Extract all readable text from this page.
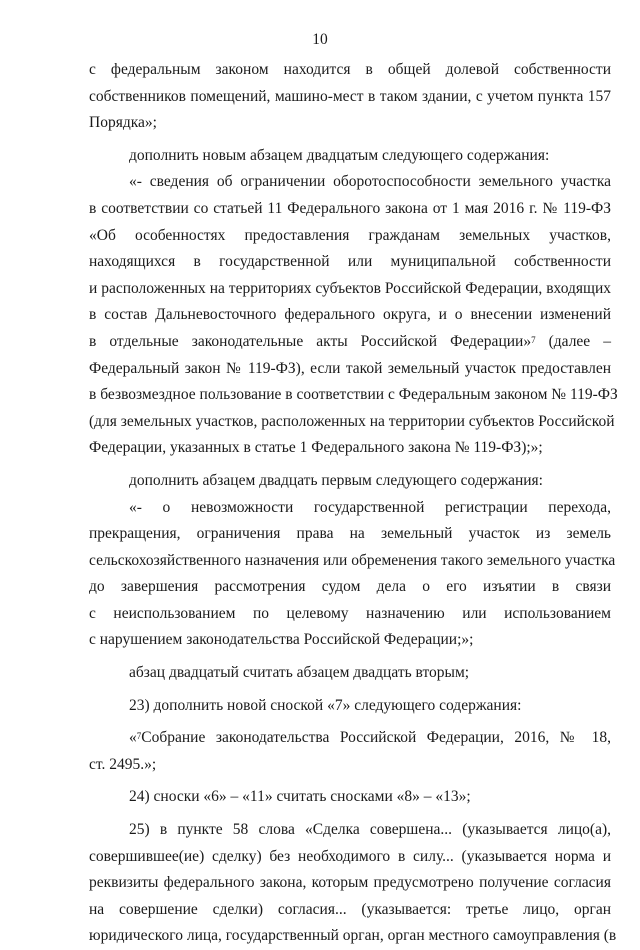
10
с федеральным законом находится в общей долевой собственности
собственников помещений, машино-мест в таком здании, с учетом пункта 157
Порядка»;
дополнить новым абзацем двадцатым следующего содержания:
«- сведения об ограничении оборотоспособности земельного участка
в соответствии со статьей 11 Федерального закона от 1 мая 2016 г. № 119-ФЗ
«Об особенностях предоставления гражданам земельных участков,
находящихся в государственной или муниципальной собственности
и расположенных на территориях субъектов Российской Федерации, входящих
в состав Дальневосточного федерального округа, и о внесении изменений
в отдельные законодательные акты Российской Федерации»$^7$ (далее –
Федеральный закон № 119-ФЗ), если такой земельный участок предоставлен
в безвозмездное пользование в соответствии с Федеральным законом № 119-ФЗ
(для земельных участков, расположенных на территории субъектов Российской
Федерации, указанных в статье 1 Федерального закона № 119-ФЗ);»;
дополнить абзацем двадцать первым следующего содержания:
«- о невозможности государственной регистрации перехода,
прекращения, ограничения права на земельный участок из земель
сельскохозяйственного назначения или обременения такого земельного участка
до завершения рассмотрения судом дела о его изъятии в связи
с неиспользованием по целевому назначению или использованием
с нарушением законодательства Российской Федерации;»;
абзац двадцатый считать абзацем двадцать вторым;
23) дополнить новой сноской «7» следующего содержания:
«$^7$Собрание законодательства Российской Федерации, 2016, № 18,
ст. 2495.»;
24) сноски «6» – «11» считать сносками «8» – «13»;
25) в пункте 58 слова «Сделка совершена... (указывается лицо(а),
совершившее(ие) сделку) без необходимого в силу... (указывается норма и
реквизиты федерального закона, которым предусмотрено получение согласия
на совершение сделки) согласия... (указывается: третье лицо, орган
юридического лица, государственный орган, орган местного самоуправления (в
